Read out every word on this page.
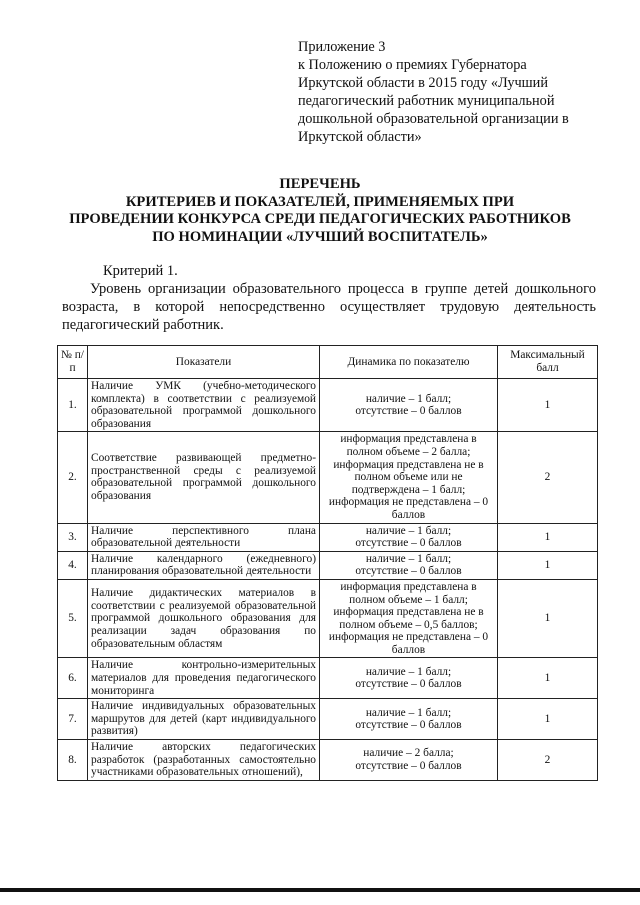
Приложение 3
к Положению о премиях Губернатора
Иркутской области в 2015 году «Лучший
педагогический работник муниципальной
дошкольной образовательной организации в
Иркутской области»
ПЕРЕЧЕНЬ
КРИТЕРИЕВ И ПОКАЗАТЕЛЕЙ, ПРИМЕНЯЕМЫХ ПРИ
ПРОВЕДЕНИИ КОНКУРСА СРЕДИ ПЕДАГОГИЧЕСКИХ РАБОТНИКОВ
ПО НОМИНАЦИИ «ЛУЧШИЙ ВОСПИТАТЕЛЬ»
Критерий 1.
Уровень организации образовательного процесса в группе детей дошкольного возраста, в которой непосредственно осуществляет трудовую деятельность педагогический работник.
№ п/п	Показатели	Динамика по показателю	Максимальный балл
1.	Наличие УМК (учебно-методического комплекта) в соответствии с реализуемой образовательной программой дошкольного образования	наличие – 1 балл;
отсутствие – 0 баллов	1
2.	Соответствие развивающей предметно-пространственной среды с реализуемой образовательной программой дошкольного образования	информация представлена в полном объеме – 2 балла;
информация представлена не в полном объеме или не подтверждена – 1 балл;
информация не представлена – 0 баллов	2
3.	Наличие перспективного плана образовательной деятельности	наличие – 1 балл;
отсутствие – 0 баллов	1
4.	Наличие календарного (ежедневного) планирования образовательной деятельности	наличие – 1 балл;
отсутствие – 0 баллов	1
5.	Наличие дидактических материалов в соответствии с реализуемой образовательной программой дошкольного образования для реализации задач образования по образовательным областям	информация представлена в полном объеме – 1 балл;
информация представлена не в полном объеме – 0,5 баллов;
информация не представлена – 0 баллов	1
6.	Наличие контрольно-измерительных материалов для проведения педагогического мониторинга	наличие – 1 балл;
отсутствие – 0 баллов	1
7.	Наличие индивидуальных образовательных маршрутов для детей (карт индивидуального развития)	наличие – 1 балл;
отсутствие – 0 баллов	1
8.	Наличие авторских педагогических разработок (разработанных самостоятельно участниками образовательных отношений),	наличие – 2 балла;
отсутствие – 0 баллов	2
